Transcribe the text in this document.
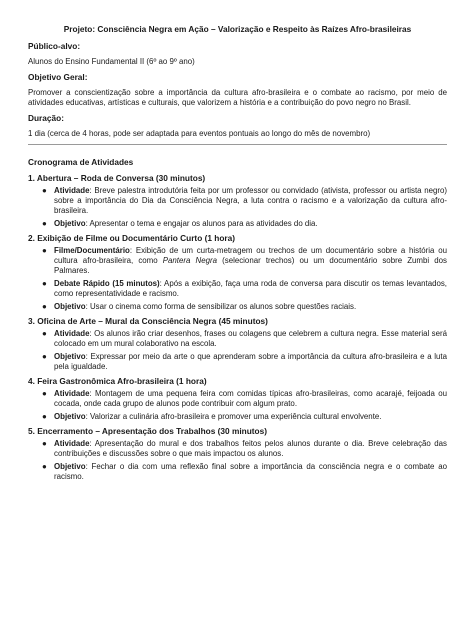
Projeto: Consciência Negra em Ação – Valorização e Respeito às Raízes Afro-brasileiras

Público-alvo:

Alunos do Ensino Fundamental II (6º ao 9º ano)

Objetivo Geral:

Promover a conscientização sobre a importância da cultura afro-brasileira e o combate ao racismo, por meio de atividades educativas, artísticas e culturais, que valorizem a história e a contribuição do povo negro no Brasil.

Duração:

1 dia (cerca de 4 horas, pode ser adaptada para eventos pontuais ao longo do mês de novembro)

Cronograma de Atividades

1. Abertura – Roda de Conversa (30 minutos)

● Atividade: Breve palestra introdutória feita por um professor ou convidado (ativista, professor ou artista negro) sobre a importância do Dia da Consciência Negra, a luta contra o racismo e a valorização da cultura afro-brasileira.
● Objetivo: Apresentar o tema e engajar os alunos para as atividades do dia.

2. Exibição de Filme ou Documentário Curto (1 hora)

● Filme/Documentário: Exibição de um curta-metragem ou trechos de um documentário sobre a história ou cultura afro-brasileira, como Pantera Negra (selecionar trechos) ou um documentário sobre Zumbi dos Palmares.
● Debate Rápido (15 minutos): Após a exibição, faça uma roda de conversa para discutir os temas levantados, como representatividade e racismo.
● Objetivo: Usar o cinema como forma de sensibilizar os alunos sobre questões raciais.

3. Oficina de Arte – Mural da Consciência Negra (45 minutos)

● Atividade: Os alunos irão criar desenhos, frases ou colagens que celebrem a cultura negra. Esse material será colocado em um mural colaborativo na escola.
● Objetivo: Expressar por meio da arte o que aprenderam sobre a importância da cultura afro-brasileira e a luta pela igualdade.

4. Feira Gastronômica Afro-brasileira (1 hora)

● Atividade: Montagem de uma pequena feira com comidas típicas afro-brasileiras, como acarajé, feijoada ou cocada, onde cada grupo de alunos pode contribuir com algum prato.
● Objetivo: Valorizar a culinária afro-brasileira e promover uma experiência cultural envolvente.

5. Encerramento – Apresentação dos Trabalhos (30 minutos)

● Atividade: Apresentação do mural e dos trabalhos feitos pelos alunos durante o dia. Breve celebração das contribuições e discussões sobre o que mais impactou os alunos.
● Objetivo: Fechar o dia com uma reflexão final sobre a importância da consciência negra e o combate ao racismo.
